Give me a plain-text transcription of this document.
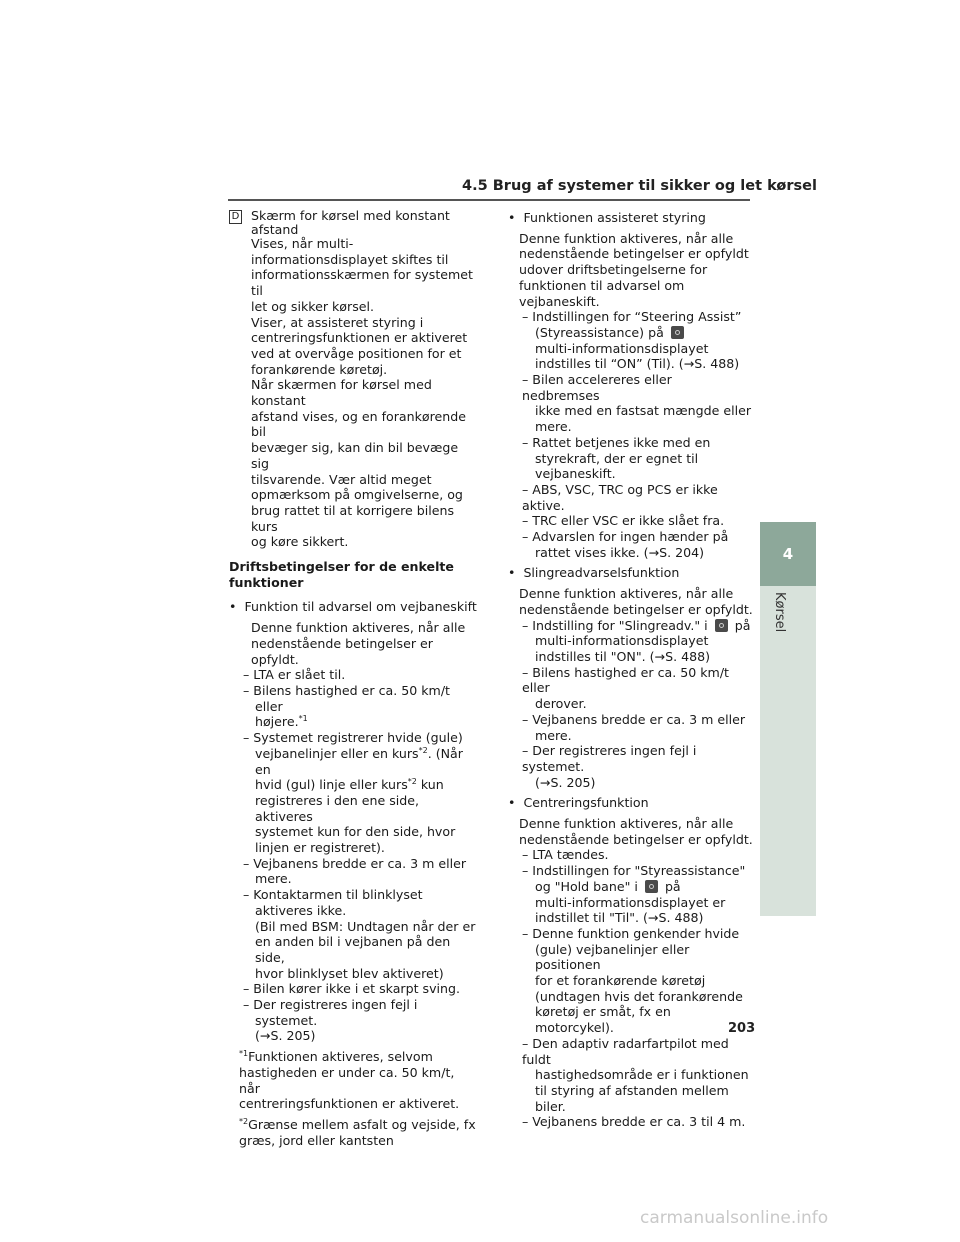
4.5 Brug af systemer til sikker og let kørsel

D Skærm for kørsel med konstant

afstand

Vises, når multi-

informationsdisplayet skiftes til

informationsskærmen for systemet til

let og sikker kørsel.

Viser, at assisteret styring i

centreringsfunktionen er aktiveret

ved at overvåge positionen for et

forankørende køretøj.

Når skærmen for kørsel med konstant

afstand vises, og en forankørende bil

bevæger sig, kan din bil bevæge sig

tilsvarende. Vær altid meget

opmærksom på omgivelserne, og

brug rattet til at korrigere bilens kurs

og køre sikkert.

Driftsbetingelser for de enkelte

funktioner

•  Funktion til advarsel om vejbaneskift

Denne funktion aktiveres, når alle

nedenstående betingelser er opfyldt.

– LTA er slået til.

– Bilens hastighed er ca. 50 km/t eller

højere.$^{*1}$

– Systemet registrerer hvide (gule)

vejbanelinjer eller en kurs$^{*2}$. (Når en

hvid (gul) linje eller kurs$^{*2}$ kun

registreres i den ene side, aktiveres

systemet kun for den side, hvor

linjen er registreret).

– Vejbanens bredde er ca. 3 m eller

mere.

– Kontaktarmen til blinklyset

aktiveres ikke.

(Bil med BSM: Undtagen når der er

en anden bil i vejbanen på den side,

hvor blinklyset blev aktiveret)

– Bilen kører ikke i et skarpt sving.

– Der registreres ingen fejl i systemet.

(→S. 205)

$^{*1}$Funktionen aktiveres, selvom

hastigheden er under ca. 50 km/t, når

centreringsfunktionen er aktiveret.

$^{*2}$Grænse mellem asfalt og vejside, fx

græs, jord eller kantsten

•  Funktionen assisteret styring

Denne funktion aktiveres, når alle

nedenstående betingelser er opfyldt

udover driftsbetingelserne for

funktionen til advarsel om

vejbaneskift.

– Indstillingen for “Steering Assist”

(Styreassistance) på

multi-informationsdisplayet

indstilles til “ON” (Til). (→S. 488)

– Bilen accelereres eller nedbremses

ikke med en fastsat mængde eller

mere.

– Rattet betjenes ikke med en

styrekraft, der er egnet til

vejbaneskift.

– ABS, VSC, TRC og PCS er ikke aktive.

– TRC eller VSC er ikke slået fra.

– Advarslen for ingen hænder på

rattet vises ikke. (→S. 204)

•  Slingreadvarselsfunktion

Denne funktion aktiveres, når alle

nedenstående betingelser er opfyldt.

– Indstilling for "Slingreadv." i på

multi-informationsdisplayet

indstilles til "ON". (→S. 488)

– Bilens hastighed er ca. 50 km/t eller

derover.

– Vejbanens bredde er ca. 3 m eller

mere.

– Der registreres ingen fejl i systemet.

(→S. 205)

•  Centreringsfunktion

Denne funktion aktiveres, når alle

nedenstående betingelser er opfyldt.

– LTA tændes.

– Indstillingen for "Styreassistance"

og "Hold bane" i på

multi-informationsdisplayet er

indstillet til "Til". (→S. 488)

– Denne funktion genkender hvide

(gule) vejbanelinjer eller positionen

for et forankørende køretøj

(undtagen hvis det forankørende

køretøj er småt, fx en motorcykel).

– Den adaptiv radarfartpilot med fuldt

hastighedsområde er i funktionen

til styring af afstanden mellem biler.

– Vejbanens bredde er ca. 3 til 4 m.

4
Kørsel
203
carmanualsonline.info
